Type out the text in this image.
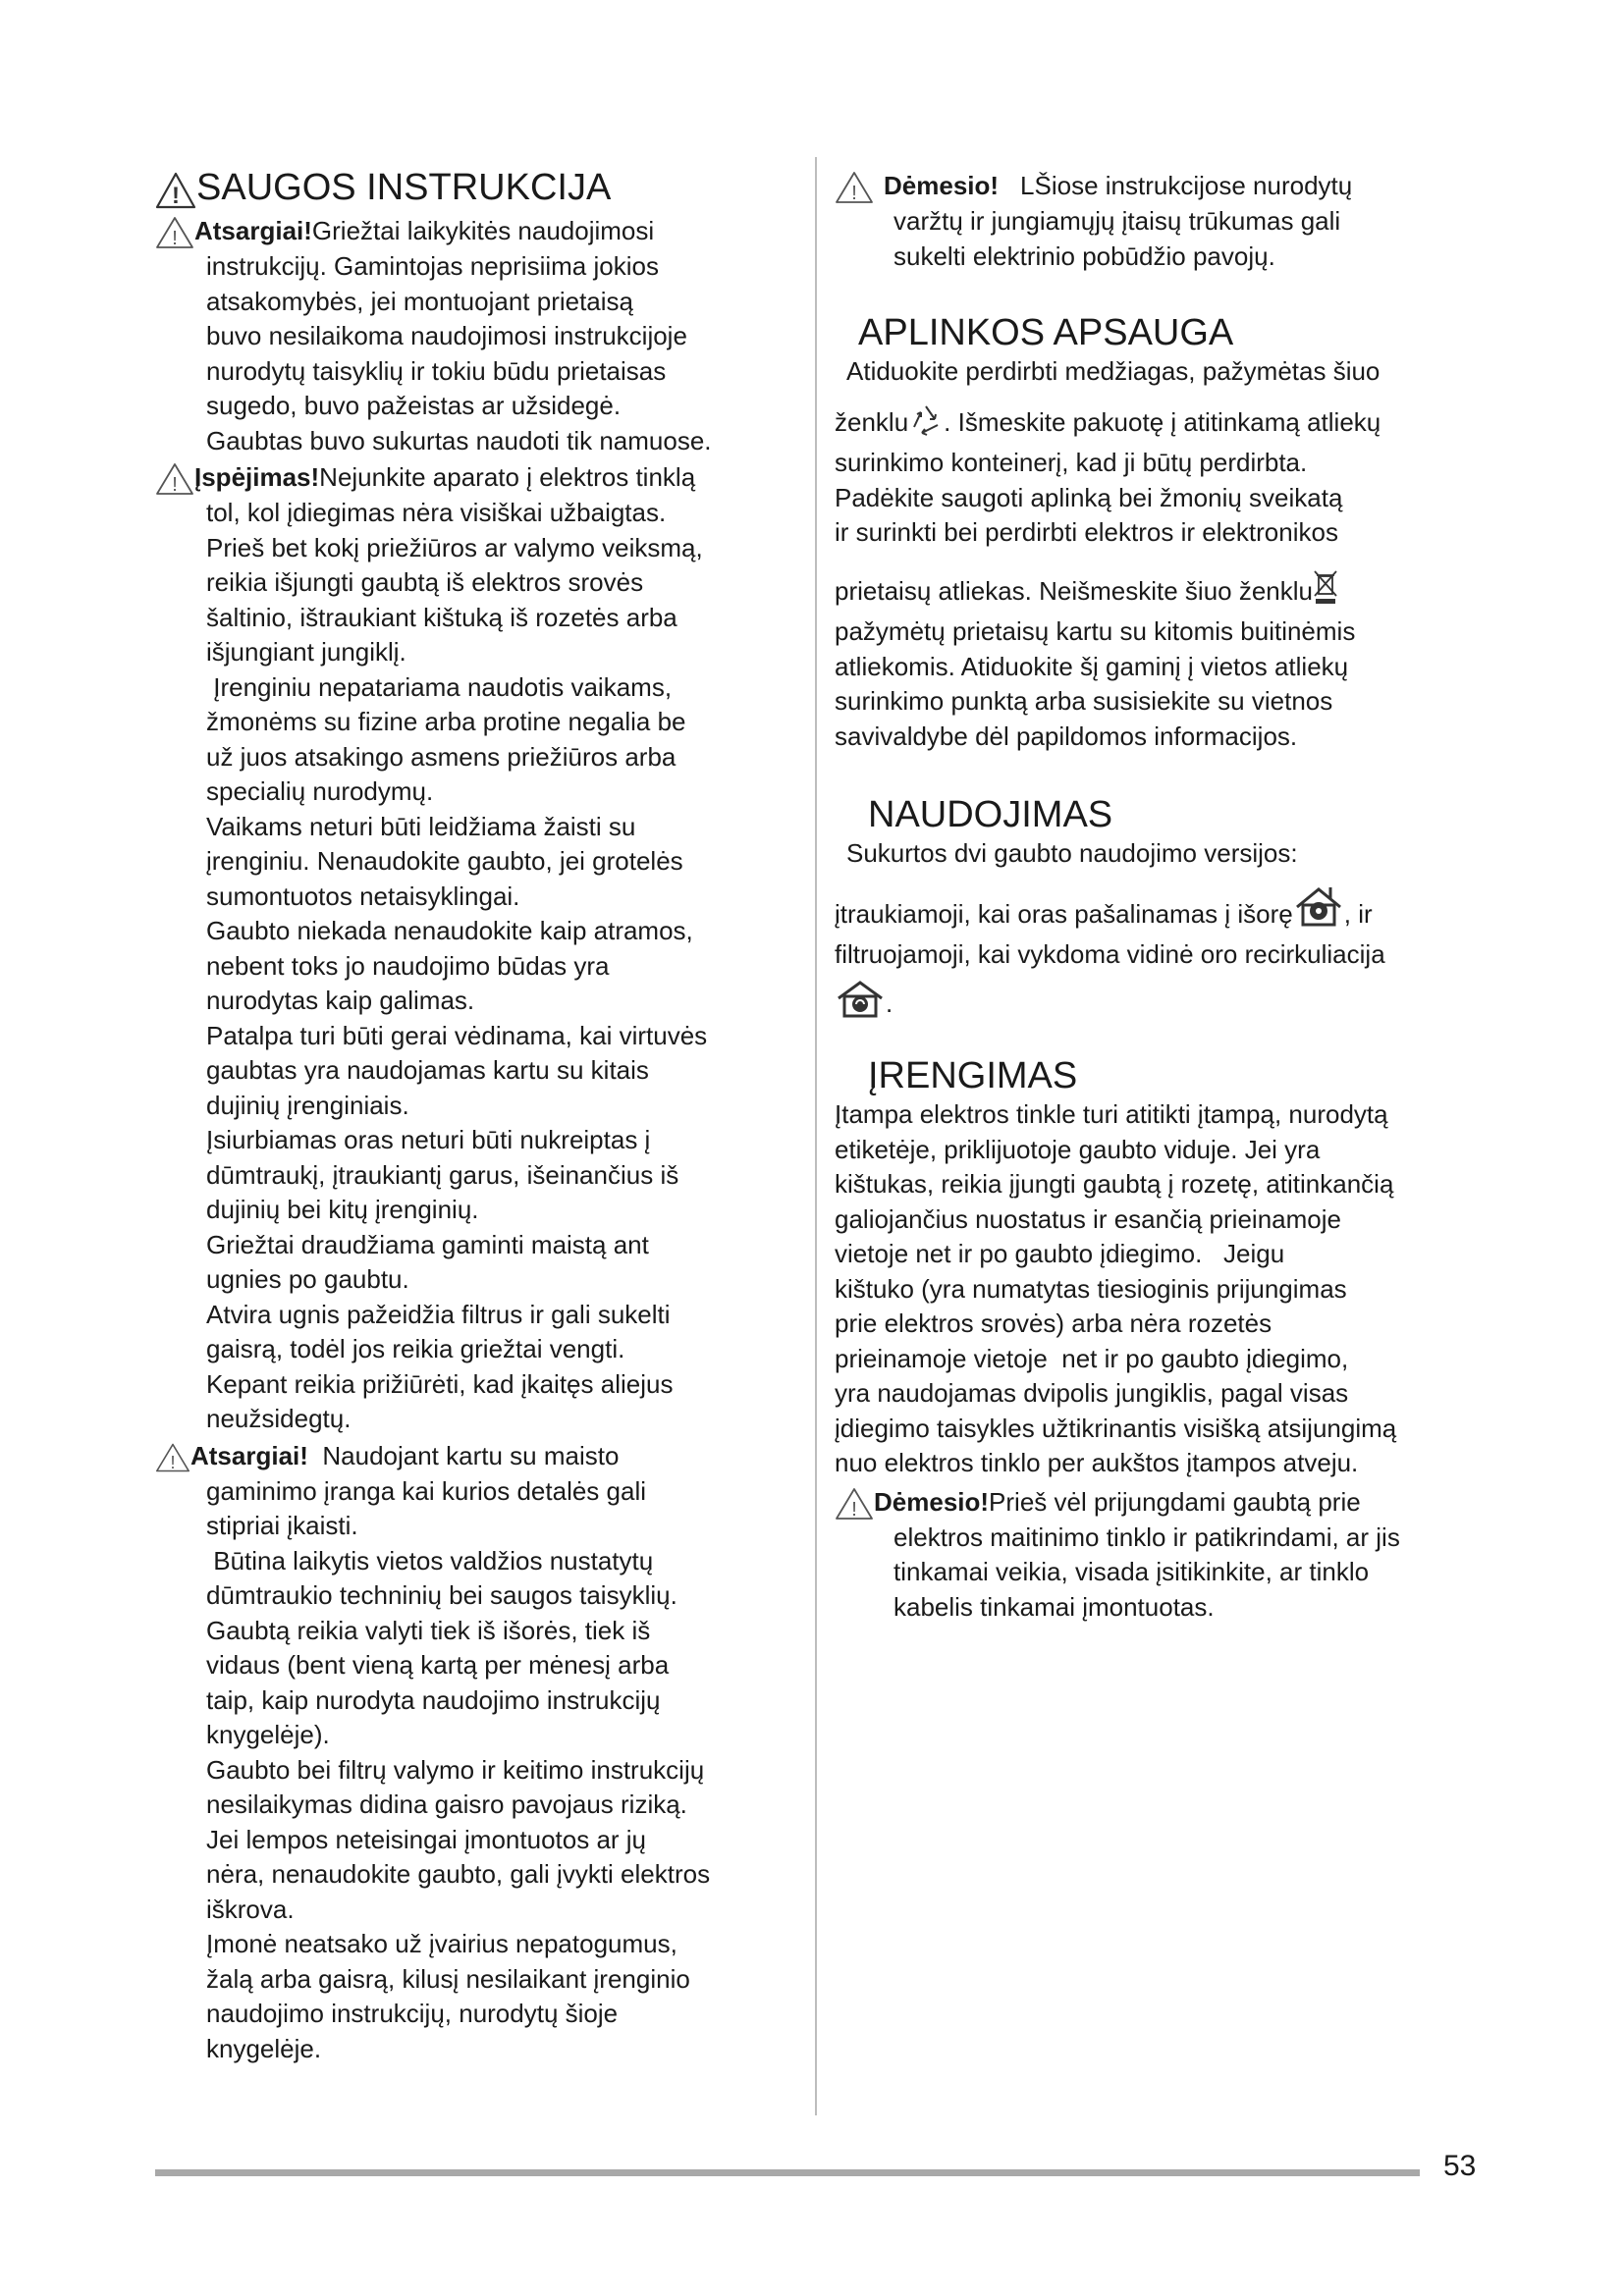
! SAUGOS INSTRUKCIJA
! Atsargiai!Griežtai laikykitės naudojimosi
instrukcijų. Gamintojas neprisiima jokios
atsakomybės, jei montuojant prietaisą
buvo nesilaikoma naudojimosi instrukcijoje
nurodytų taisyklių ir tokiu būdu prietaisas
sugedo, buvo pažeistas ar užsidegė.
Gaubtas buvo sukurtas naudoti tik namuose.
! Įspėjimas!Nejunkite aparato į elektros tinklą
tol, kol įdiegimas nėra visiškai užbaigtas.
Prieš bet kokį priežiūros ar valymo veiksmą,
reikia išjungti gaubtą iš elektros srovės
šaltinio, ištraukiant kištuką iš rozetės arba
išjungiant jungiklį.
Įrenginiu nepatariama naudotis vaikams,
žmonėms su fizine arba protine negalia be
už juos atsakingo asmens priežiūros arba
specialių nurodymų.
Vaikams neturi būti leidžiama žaisti su
įrenginiu. Nenaudokite gaubto, jei grotelės
sumontuotos netaisyklingai.
Gaubto niekada nenaudokite kaip atramos,
nebent toks jo naudojimo būdas yra
nurodytas kaip galimas.
Patalpa turi būti gerai vėdinama, kai virtuvės
gaubtas yra naudojamas kartu su kitais
dujinių įrenginiais.
Įsiurbiamas oras neturi būti nukreiptas į
dūmtraukį, įtraukiantį garus, išeinančius iš
dujinių bei kitų įrenginių.
Griežtai draudžiama gaminti maistą ant
ugnies po gaubtu.
Atvira ugnis pažeidžia filtrus ir gali sukelti
gaisrą, todėl jos reikia griežtai vengti.
Kepant reikia prižiūrėti, kad įkaitęs aliejus
neužsidegtų.
! Atsargiai!  Naudojant kartu su maisto
gaminimo įranga kai kurios detalės gali
stipriai įkaisti.
Būtina laikytis vietos valdžios nustatytų
dūmtraukio techninių bei saugos taisyklių.
Gaubtą reikia valyti tiek iš išorės, tiek iš
vidaus (bent vieną kartą per mėnesį arba
taip, kaip nurodyta naudojimo instrukcijų
knygelėje).
Gaubto bei filtrų valymo ir keitimo instrukcijų
nesilaikymas didina gaisro pavojaus riziką.
Jei lempos neteisingai įmontuotos ar jų
nėra, nenaudokite gaubto, gali įvykti elektros
iškrova.
Įmonė neatsako už įvairius nepatogumus,
žalą arba gaisrą, kilusį nesilaikant įrenginio
naudojimo instrukcijų, nurodytų šioje
knygelėje.
! Dėmesio! LŠiose instrukcijose nurodytų
varžtų ir jungiamųjų įtaisų trūkumas gali
sukelti elektrinio pobūdžio pavojų.
APLINKOS APSAUGA
Atiduokite perdirbti medžiagas, pažymėtas šiuo
ženklu . Išmeskite pakuotę į atitinkamą atliekų
surinkimo konteinerį, kad ji būtų perdirbta.
Padėkite saugoti aplinką bei žmonių sveikatą
ir surinkti bei perdirbti elektros ir elektronikos
prietaisų atliekas. Neišmeskite šiuo ženklu
pažymėtų prietaisų kartu su kitomis buitinėmis
atliekomis. Atiduokite šį gaminį į vietos atliekų
surinkimo punktą arba susisiekite su vietnos
savivaldybe dėl papildomos informacijos.
NAUDOJIMAS
Sukurtos dvi gaubto naudojimo versijos:
įtraukiamoji, kai oras pašalinamas į išorę , ir
filtruojamoji, kai vykdoma vidinė oro recirkuliacija
.
ĮRENGIMAS
Įtampa elektros tinkle turi atitikti įtampą, nurodytą
etiketėje, priklijuotoje gaubto viduje. Jei yra
kištukas, reikia įjungti gaubtą į rozetę, atitinkančią
galiojančius nuostatus ir esančią prieinamoje
vietoje net ir po gaubto įdiegimo.   Jeigu
kištuko (yra numatytas tiesioginis prijungimas
prie elektros srovės) arba nėra rozetės
prieinamoje vietoje  net ir po gaubto įdiegimo,
yra naudojamas dvipolis jungiklis, pagal visas
įdiegimo taisykles užtikrinantis visišką atsijungimą
nuo elektros tinklo per aukštos įtampos atveju.
! Dėmesio!Prieš vėl prijungdami gaubtą prie
elektros maitinimo tinklo ir patikrindami, ar jis
tinkamai veikia, visada įsitikinkite, ar tinklo
kabelis tinkamai įmontuotas.
53
